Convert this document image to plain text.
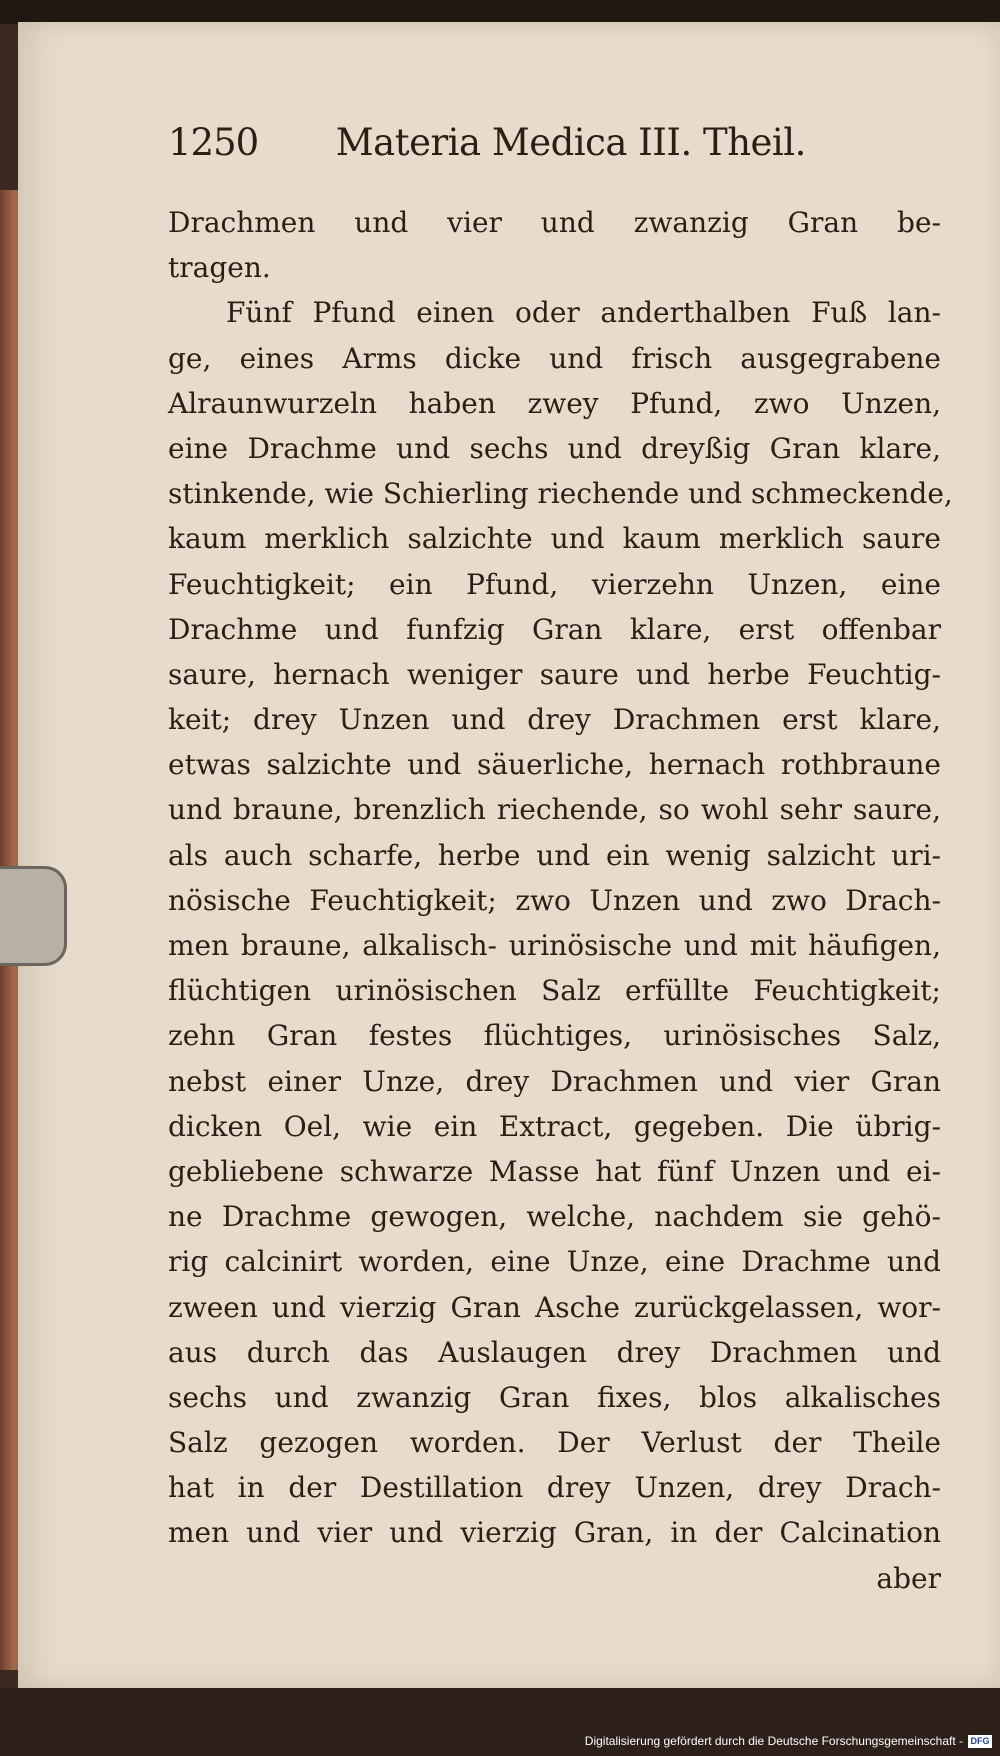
1250 Materia Medica III. Theil.
Drachmen und vier und zwanzig Gran be-
tragen.
Fünf Pfund einen oder anderthalben Fuß lan-
ge, eines Arms dicke und frisch ausgegrabene
Alraunwurzeln haben zwey Pfund, zwo Unzen,
eine Drachme und sechs und dreyßig Gran klare,
stinkende, wie Schierling riechende und schmeckende,
kaum merklich salzichte und kaum merklich saure
Feuchtigkeit; ein Pfund, vierzehn Unzen, eine
Drachme und funfzig Gran klare, erst offenbar
saure, hernach weniger saure und herbe Feuchtig-
keit; drey Unzen und drey Drachmen erst klare,
etwas salzichte und säuerliche, hernach rothbraune
und braune, brenzlich riechende, so wohl sehr saure,
als auch scharfe, herbe und ein wenig salzicht uri-
nösische Feuchtigkeit; zwo Unzen und zwo Drach-
men braune, alkalisch- urinösische und mit häufigen,
flüchtigen urinösischen Salz erfüllte Feuchtigkeit;
zehn Gran festes flüchtiges, urinösisches Salz,
nebst einer Unze, drey Drachmen und vier Gran
dicken Oel, wie ein Extract, gegeben. Die übrig-
gebliebene schwarze Masse hat fünf Unzen und ei-
ne Drachme gewogen, welche, nachdem sie gehö-
rig calcinirt worden, eine Unze, eine Drachme und
zween und vierzig Gran Asche zurückgelassen, wor-
aus durch das Auslaugen drey Drachmen und
sechs und zwanzig Gran fixes, blos alkalisches
Salz gezogen worden. Der Verlust der Theile
hat in der Destillation drey Unzen, drey Drach-
men und vier und vierzig Gran, in der Calcination
aber
Digitalisierung gefördert durch die Deutsche Forschungsgemeinschaft - DFG
